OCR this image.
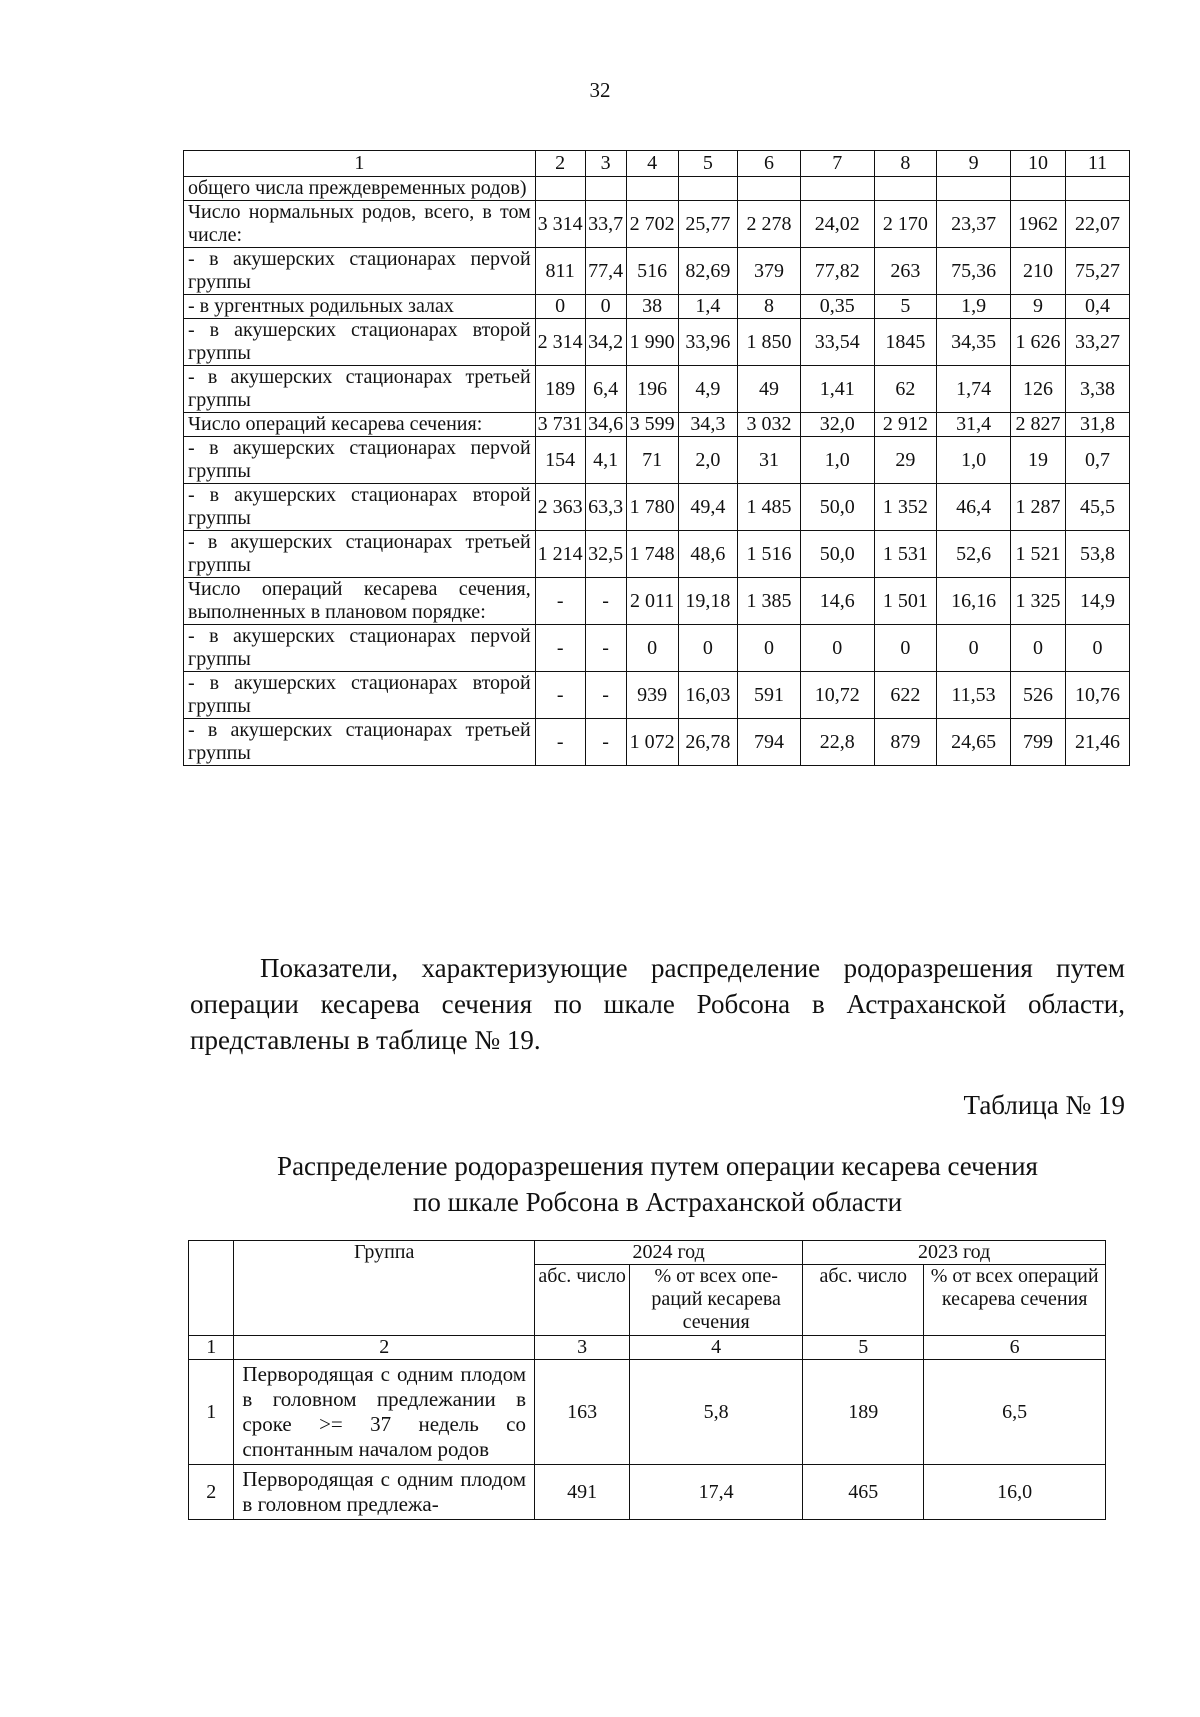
32
1	2	3	4	5	6	7	8	9	10	11
общего числа преждевременных родов)										
Число нормальных родов, всего, в том числе:	3 314	33,7	2 702	25,77	2 278	24,02	2 170	23,37	1962	22,07
- в акушерских стационарах перvой группы	811	77,4	516	82,69	379	77,82	263	75,36	210	75,27
- в ургентных родильных залах	0	0	38	1,4	8	0,35	5	1,9	9	0,4
- в акушерских стационарах второй группы	2 314	34,2	1 990	33,96	1 850	33,54	1845	34,35	1 626	33,27
- в акушерских стационарах третьей группы	189	6,4	196	4,9	49	1,41	62	1,74	126	3,38
Число операций кесарева сечения:	3 731	34,6	3 599	34,3	3 032	32,0	2 912	31,4	2 827	31,8
- в акушерских стационарах перvой группы	154	4,1	71	2,0	31	1,0	29	1,0	19	0,7
- в акушерских стационарах второй группы	2 363	63,3	1 780	49,4	1 485	50,0	1 352	46,4	1 287	45,5
- в акушерских стационарах третьей группы	1 214	32,5	1 748	48,6	1 516	50,0	1 531	52,6	1 521	53,8
Число операций кесарева сечения, выполненных в плановом порядке:	-	-	2 011	19,18	1 385	14,6	1 501	16,16	1 325	14,9
- в акушерских стационарах перvой группы	-	-	0	0	0	0	0	0	0	0
- в акушерских стационарах второй группы	-	-	939	16,03	591	10,72	622	11,53	526	10,76
- в акушерских стационарах третьей группы	-	-	1 072	26,78	794	22,8	879	24,65	799	21,46

Показатели, характеризующие распределение родоразрешения путем операции кесарева сечения по шкале Робсона в Астраханской области, представлены в таблице № 19.

Таблица № 19

Распределение родоразрешения путем операции кесарева сечения
по шкале Робсона в Астраханской области
	Группа	2024 год		2023 год	
		абс. число	% от всех операций кесарева сечения	абс. число	% от всех операций кесарева сечения
1	2	3	4	5	6
1	Первородящая с одним плодом в головном предлежании в сроке >= 37 недель со спонтанным началом родов	163	5,8	189	6,5
2	Первородящая с одним плодом в головном предлежа-	491	17,4	465	16,0
